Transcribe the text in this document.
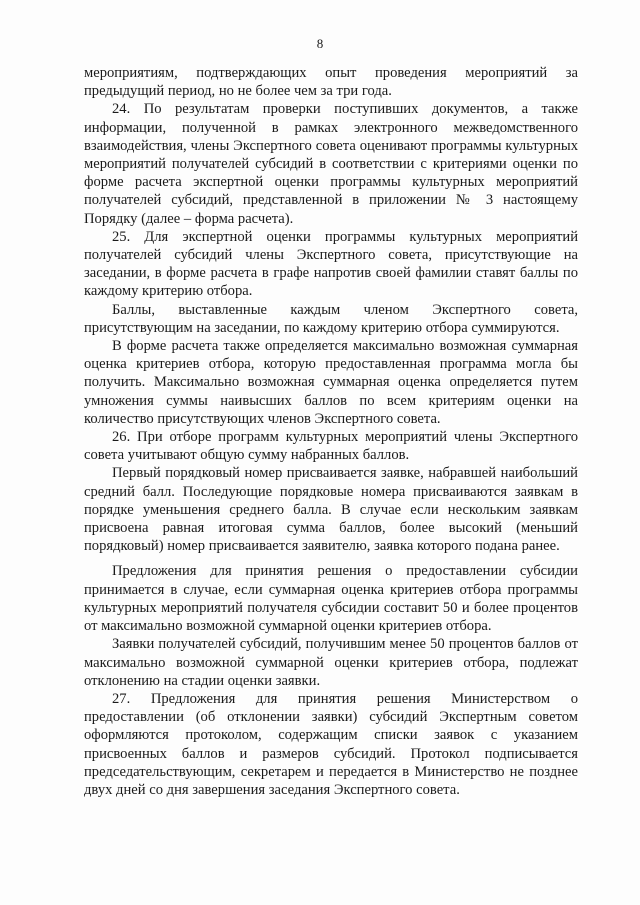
8

мероприятиям, подтверждающих опыт проведения мероприятий за предыдущий период, но не более чем за три года.

24. По результатам проверки поступивших документов, а также информации, полученной в рамках электронного межведомственного взаимодействия, члены Экспертного совета оценивают программы культурных мероприятий получателей субсидий в соответствии с критериями оценки по форме расчета экспертной оценки программы культурных мероприятий получателей субсидий, представленной в приложении № 3 настоящему Порядку (далее – форма расчета).

25. Для экспертной оценки программы культурных мероприятий получателей субсидий члены Экспертного совета, присутствующие на заседании, в форме расчета в графе напротив своей фамилии ставят баллы по каждому критерию отбора.

Баллы, выставленные каждым членом Экспертного совета, присутствующим на заседании, по каждому критерию отбора суммируются.

В форме расчета также определяется максимально возможная суммарная оценка критериев отбора, которую предоставленная программа могла бы получить. Максимально возможная суммарная оценка определяется путем умножения суммы наивысших баллов по всем критериям оценки на количество присутствующих членов Экспертного совета.

26. При отборе программ культурных мероприятий члены Экспертного совета учитывают общую сумму набранных баллов.

Первый порядковый номер присваивается заявке, набравшей наибольший средний балл. Последующие порядковые номера присваиваются заявкам в порядке уменьшения среднего балла. В случае если нескольким заявкам присвоена равная итоговая сумма баллов, более высокий (меньший порядковый) номер присваивается заявителю, заявка которого подана ранее.

Предложения для принятия решения о предоставлении субсидии принимается в случае, если суммарная оценка критериев отбора программы культурных мероприятий получателя субсидии составит 50 и более процентов от максимально возможной суммарной оценки критериев отбора.

Заявки получателей субсидий, получившим менее 50 процентов баллов от максимально возможной суммарной оценки критериев отбора, подлежат отклонению на стадии оценки заявки.

27. Предложения для принятия решения Министерством о предоставлении (об отклонении заявки) субсидий Экспертным советом оформляются протоколом, содержащим списки заявок с указанием присвоенных баллов и размеров субсидий. Протокол подписывается председательствующим, секретарем и передается в Министерство не позднее двух дней со дня завершения заседания Экспертного совета.
